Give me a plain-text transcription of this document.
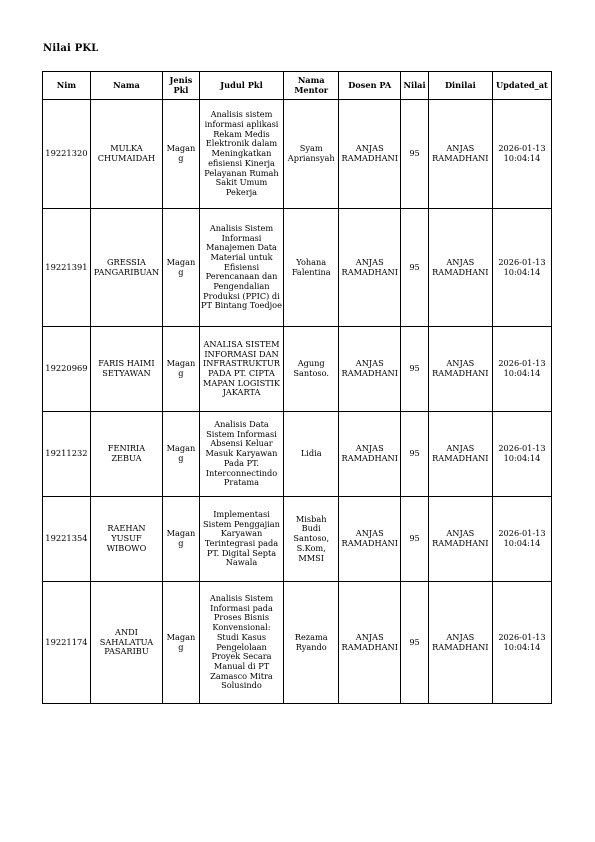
Nilai PKL
Nim	Nama	Jenis Pkl	Judul Pkl	Nama Mentor	Dosen PA	Nilai	Dinilai	Updated_at
19221320	MULKA CHUMAIDAH	Magang	Analisis sistem informasi aplikasi Rekam Medis Elektronik dalam Meningkatkan efisiensi Kinerja Pelayanan Rumah Sakit Umum Pekerja	Syam Apriansyah	ANJAS RAMADHANI	95	ANJAS RAMADHANI	2026-01-13 10:04:14
19221391	GRESSIA PANGARIBUAN	Magang	Analisis Sistem Informasi Manajemen Data Material untuk Efisiensi Perencanaan dan Pengendalian Produksi (PPIC) di PT Bintang Toedjoe	Yohana Falentina	ANJAS RAMADHANI	95	ANJAS RAMADHANI	2026-01-13 10:04:14
19220969	FARIS HAIMI SETYAWAN	Magang	ANALISA SISTEM INFORMASI DAN INFRASTRUKTUR PADA PT. CIPTA MAPAN LOGISTIK JAKARTA	Agung Santoso.	ANJAS RAMADHANI	95	ANJAS RAMADHANI	2026-01-13 10:04:14
19211232	FENIRIA ZEBUA	Magang	Analisis Data Sistem Informasi Absensi Keluar Masuk Karyawan Pada PT. Interconnectindo Pratama	Lidia	ANJAS RAMADHANI	95	ANJAS RAMADHANI	2026-01-13 10:04:14
19221354	RAEHAN YUSUF WIBOWO	Magang	Implementasi Sistem Penggajian Karyawan Terintegrasi pada PT. Digital Septa Nawala	Misbah Budi Santoso, S.Kom, MMSI	ANJAS RAMADHANI	95	ANJAS RAMADHANI	2026-01-13 10:04:14
19221174	ANDI SAHALATUA PASARIBU	Magang	Analisis Sistem Informasi pada Proses Bisnis Konvensional: Studi Kasus Pengelolaan Proyek Secara Manual di PT Zamasco Mitra Solusindo	Rezama Ryando	ANJAS RAMADHANI	95	ANJAS RAMADHANI	2026-01-13 10:04:14
